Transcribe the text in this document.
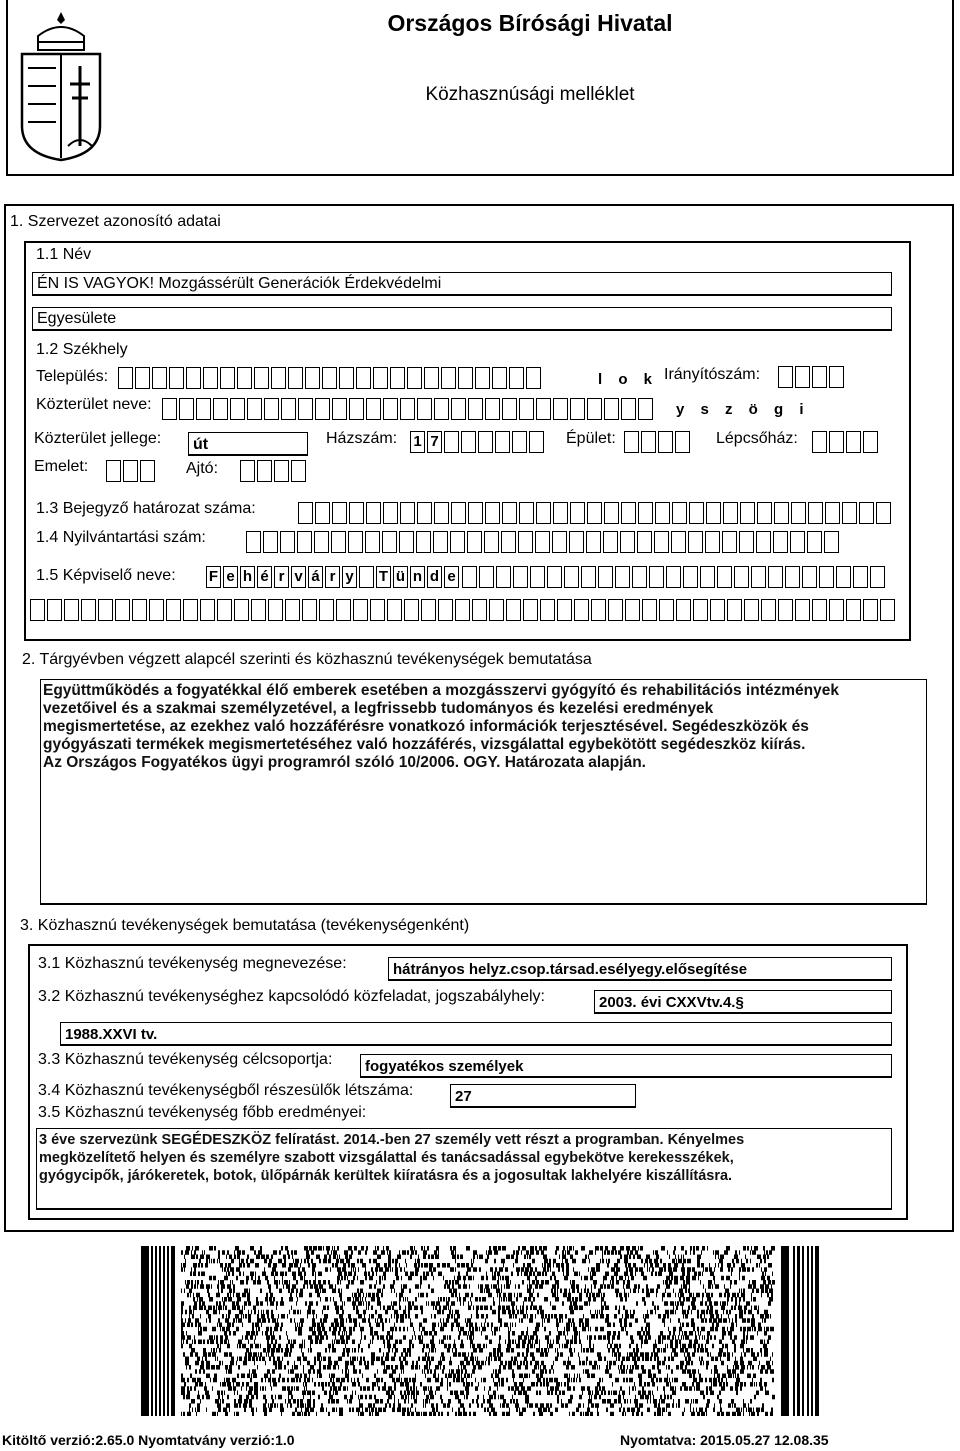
Országos Bírósági Hivatal
Közhasznúsági melléklet
1. Szervezet azonosító adatai
1.1 Név
ÉN IS VAGYOK! Mozgássérült Generációk Érdekvédelmi
Egyesülete
1.2 Székhely
Település:	l o k Irányítószám:
Közterület neve:	y s z ö g i
Közterület jellege:	út	Házszám: 1 7	Épület:	Lépcsőház:
Emelet:	Ajtó:
1.3 Bejegyző határozat száma:
1.4 Nyilvántartási szám:
1.5 Képviselő neve: F e h é r v á r y T ü n d e
2. Tárgyévben végzett alapcél szerinti és közhasznú tevékenységek bemutatása
Együttműködés a fogyatékkal élő emberek esetében a mozgásszervi gyógyító és rehabilitációs intézmények
vezetőivel és a szakmai személyzetével, a legfrissebb tudományos és kezelési eredmények
megismertetése, az ezekhez való hozzáférésre vonatkozó információk terjesztésével. Segédeszközök és
gyógyászati termékek megismertetéséhez való hozzáférés, vizsgálattal egybekötött segédeszköz kiírás.
Az Országos Fogyatékos ügyi programról szóló 10/2006. OGY. Határozata alapján.
3. Közhasznú tevékenységek bemutatása (tevékenységenként)
3.1 Közhasznú tevékenység megnevezése:	hátrányos helyz.csop.társad.esélyegy.elősegítése
3.2 Közhasznú tevékenységhez kapcsolódó közfeladat, jogszabályhely:	2003. évi CXXVtv.4.§
1988.XXVI tv.
3.3 Közhasznú tevékenység célcsoportja:	fogyatékos személyek
3.4 Közhasznú tevékenységből részesülők létszáma:	27
3.5 Közhasznú tevékenység főbb eredményei:
3 éve szervezünk SEGÉDESZKÖZ felíratást. 2014.-ben 27 személy vett részt a programban. Kényelmes
megközelítető helyen és személyre szabott vizsgálattal és tanácsadással egybekötve kerekesszékek,
gyógycipők, járókeretek, botok, ülőpárnák kerültek kiíratásra és a jogosultak lakhelyére kiszállításra.
Kitöltő verzió:2.65.0 Nyomtatvány verzió:1.0	Nyomtatva: 2015.05.27 12.08.35
